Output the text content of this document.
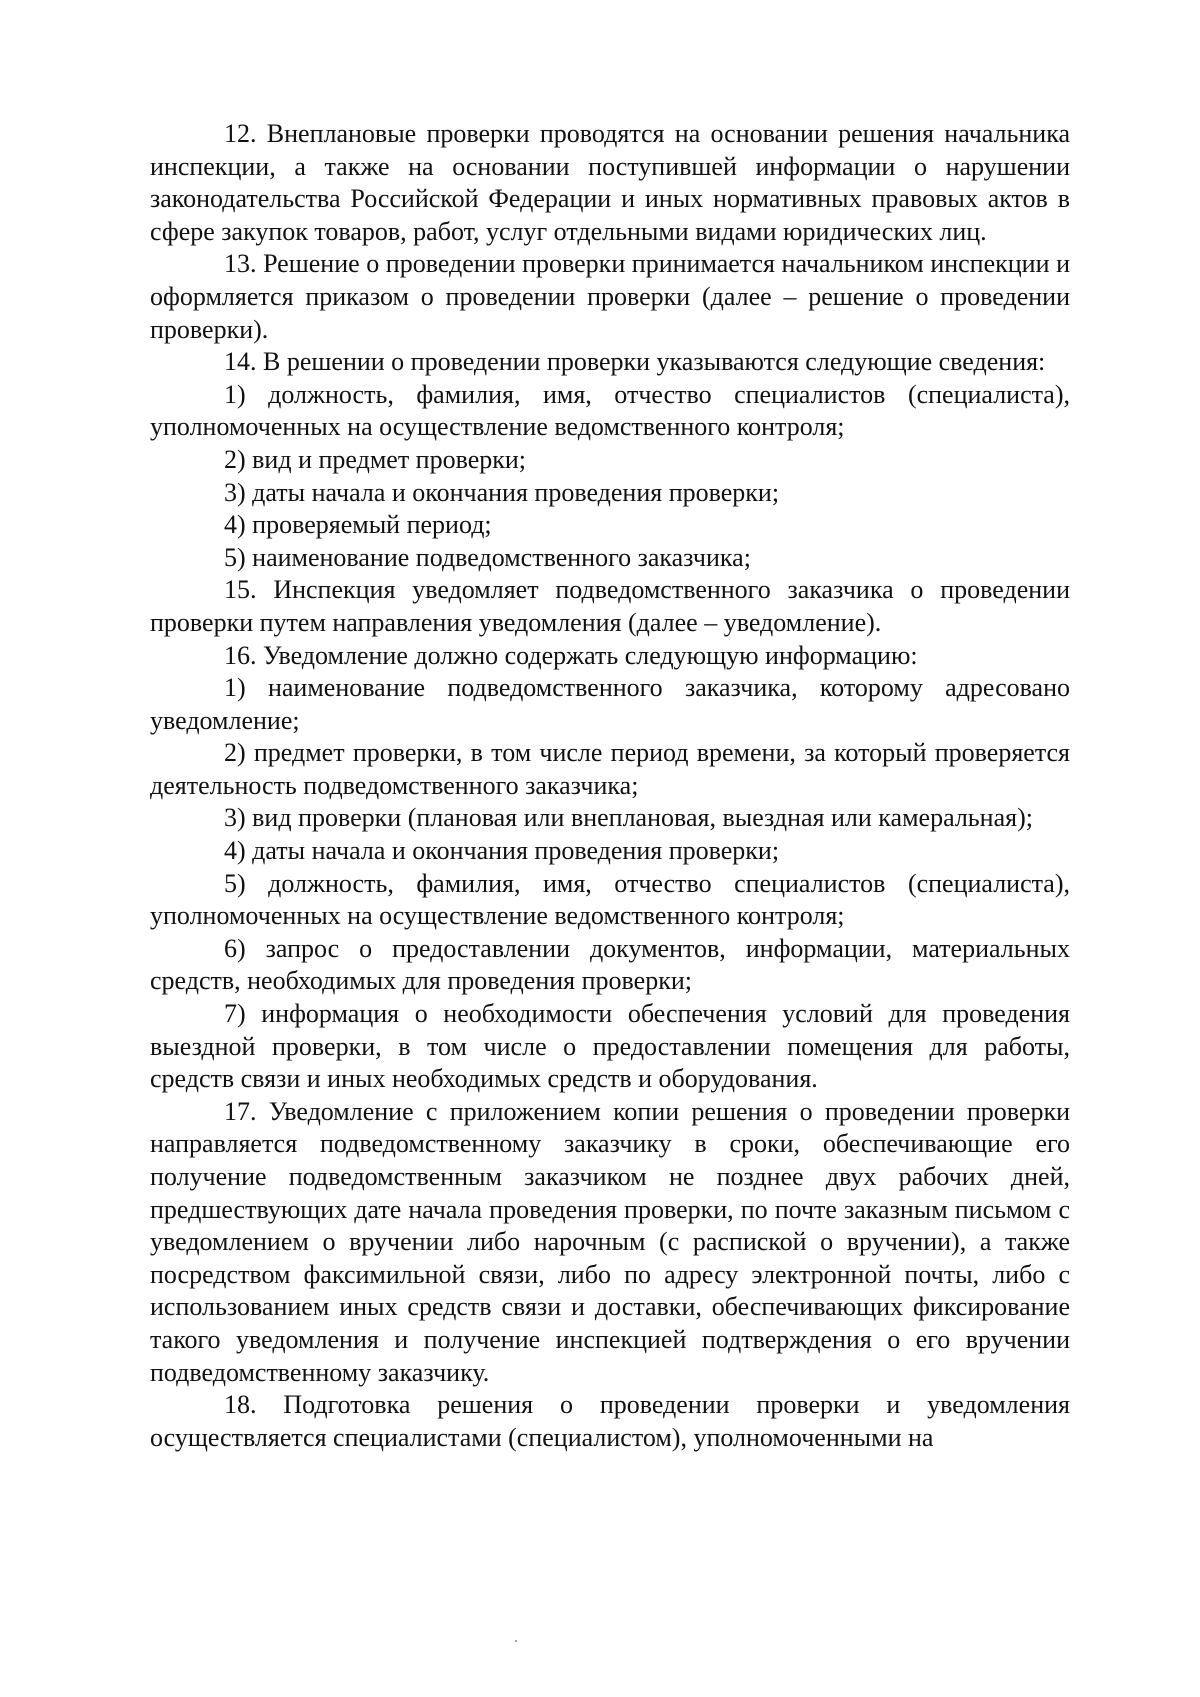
12. Внеплановые проверки проводятся на основании решения начальника инспекции, а также на основании поступившей информации о нарушении законодательства Российской Федерации и иных нормативных правовых актов в сфере закупок товаров, работ, услуг отдельными видами юридических лиц.

13. Решение о проведении проверки принимается начальником инспекции и оформляется приказом о проведении проверки (далее – решение о проведении проверки).

14. В решении о проведении проверки указываются следующие сведения:

1) должность, фамилия, имя, отчество специалистов (специалиста), уполномоченных на осуществление ведомственного контроля;

2) вид и предмет проверки;

3) даты начала и окончания проведения проверки;

4) проверяемый период;

5) наименование подведомственного заказчика;

15. Инспекция уведомляет подведомственного заказчика о проведении проверки путем направления уведомления (далее – уведомление).

16. Уведомление должно содержать следующую информацию:

1) наименование подведомственного заказчика, которому адресовано уведомление;

2) предмет проверки, в том числе период времени, за который проверяется деятельность подведомственного заказчика;

3) вид проверки (плановая или внеплановая, выездная или камеральная);

4) даты начала и окончания проведения проверки;

5) должность, фамилия, имя, отчество специалистов (специалиста), уполномоченных на осуществление ведомственного контроля;

6) запрос о предоставлении документов, информации, материальных средств, необходимых для проведения проверки;

7) информация о необходимости обеспечения условий для проведения выездной проверки, в том числе о предоставлении помещения для работы, средств связи и иных необходимых средств и оборудования.

17. Уведомление с приложением копии решения о проведении проверки направляется подведомственному заказчику в сроки, обеспечивающие его получение подведомственным заказчиком не позднее двух рабочих дней, предшествующих дате начала проведения проверки, по почте заказным письмом с уведомлением о вручении либо нарочным (с распиской о вручении), а также посредством факсимильной связи, либо по адресу электронной почты, либо с использованием иных средств связи и доставки, обеспечивающих фиксирование такого уведомления и получение инспекцией подтверждения о его вручении подведомственному заказчику.

18. Подготовка решения о проведении проверки и уведомления осуществляется специалистами (специалистом), уполномоченными на
